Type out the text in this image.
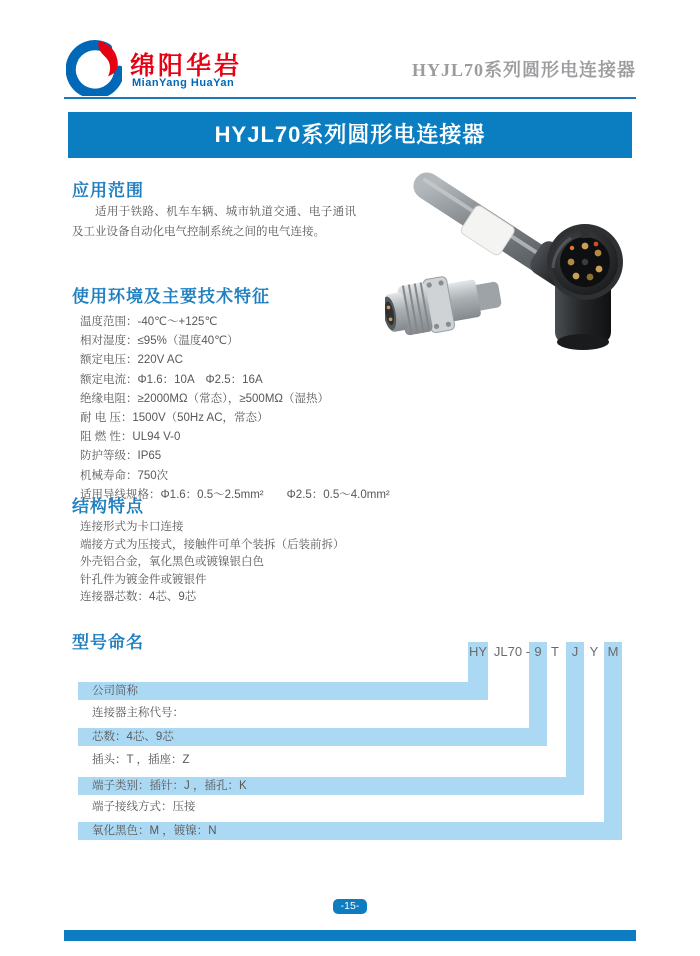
绵阳华岩
MianYang HuaYan
HYJL70系列圆形电连接器
HYJL70系列圆形电连接器
应用范围
适用于铁路、机车车辆、城市轨道交通、电子通讯及工业设备自动化电气控制系统之间的电气连接。
使用环境及主要技术特征
温度范围：-40℃～+125℃
相对湿度：≤95%（温度40℃）
额定电压：220V AC
额定电流：Φ1.6：10A　Φ2.5：16A
绝缘电阻：≥2000MΩ（常态），≥500MΩ（湿热）
耐 电 压：1500V（50Hz AC，常态）
阻 燃 性：UL94 V-0
防护等级：IP65
机械寿命：750次
适用导线规格：Φ1.6：0.5～2.5mm²　　Φ2.5：0.5～4.0mm²
结构特点
连接形式为卡口连接
端接方式为压接式，接触件可单个装拆（后装前拆）
外壳铝合金，氧化黑色或镀镍银白色
针孔件为镀金件或镀银件
连接器芯数：4芯、9芯
型号命名	HY JL70 - 9 T J Y M
公司简称
连接器主称代号：
芯数：4芯、9芯
插头：T ，插座：Z
端子类别：插针：J ，插孔：K
端子接线方式：压接
氧化黑色：M ，镀镍：N
-15-
